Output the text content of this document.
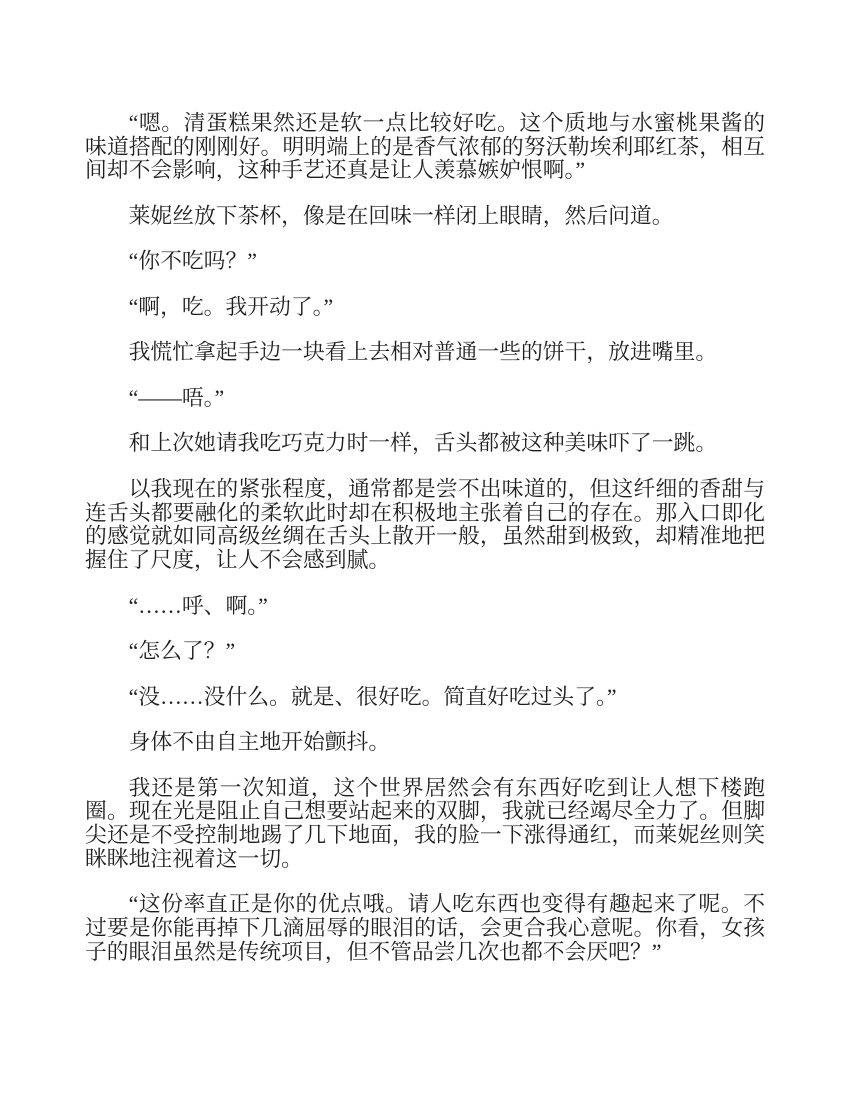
“嗯。清蛋糕果然还是软一点比较好吃。这个质地与水蜜桃果酱的味道搭配的刚刚好。明明端上的是香气浓郁的努沃勒埃利耶红茶，相互间却不会影响，这种手艺还真是让人羡慕嫉妒恨啊。”

莱妮丝放下茶杯，像是在回味一样闭上眼睛，然后问道。

“你不吃吗？”

“啊，吃。我开动了。”

我慌忙拿起手边一块看上去相对普通一些的饼干，放进嘴里。

“——唔。”

和上次她请我吃巧克力时一样，舌头都被这种美味吓了一跳。

以我现在的紧张程度，通常都是尝不出味道的，但这纤细的香甜与连舌头都要融化的柔软此时却在积极地主张着自己的存在。那入口即化的感觉就如同高级丝绸在舌头上散开一般，虽然甜到极致，却精准地把握住了尺度，让人不会感到腻。

“……呼、啊。”

“怎么了？”

“没……没什么。就是、很好吃。简直好吃过头了。”

身体不由自主地开始颤抖。

我还是第一次知道，这个世界居然会有东西好吃到让人想下楼跑圈。现在光是阻止自己想要站起来的双脚，我就已经竭尽全力了。但脚尖还是不受控制地踢了几下地面，我的脸一下涨得通红，而莱妮丝则笑眯眯地注视着这一切。

“这份率直正是你的优点哦。请人吃东西也变得有趣起来了呢。不过要是你能再掉下几滴屈辱的眼泪的话，会更合我心意呢。你看，女孩子的眼泪虽然是传统项目，但不管品尝几次也都不会厌吧？”
